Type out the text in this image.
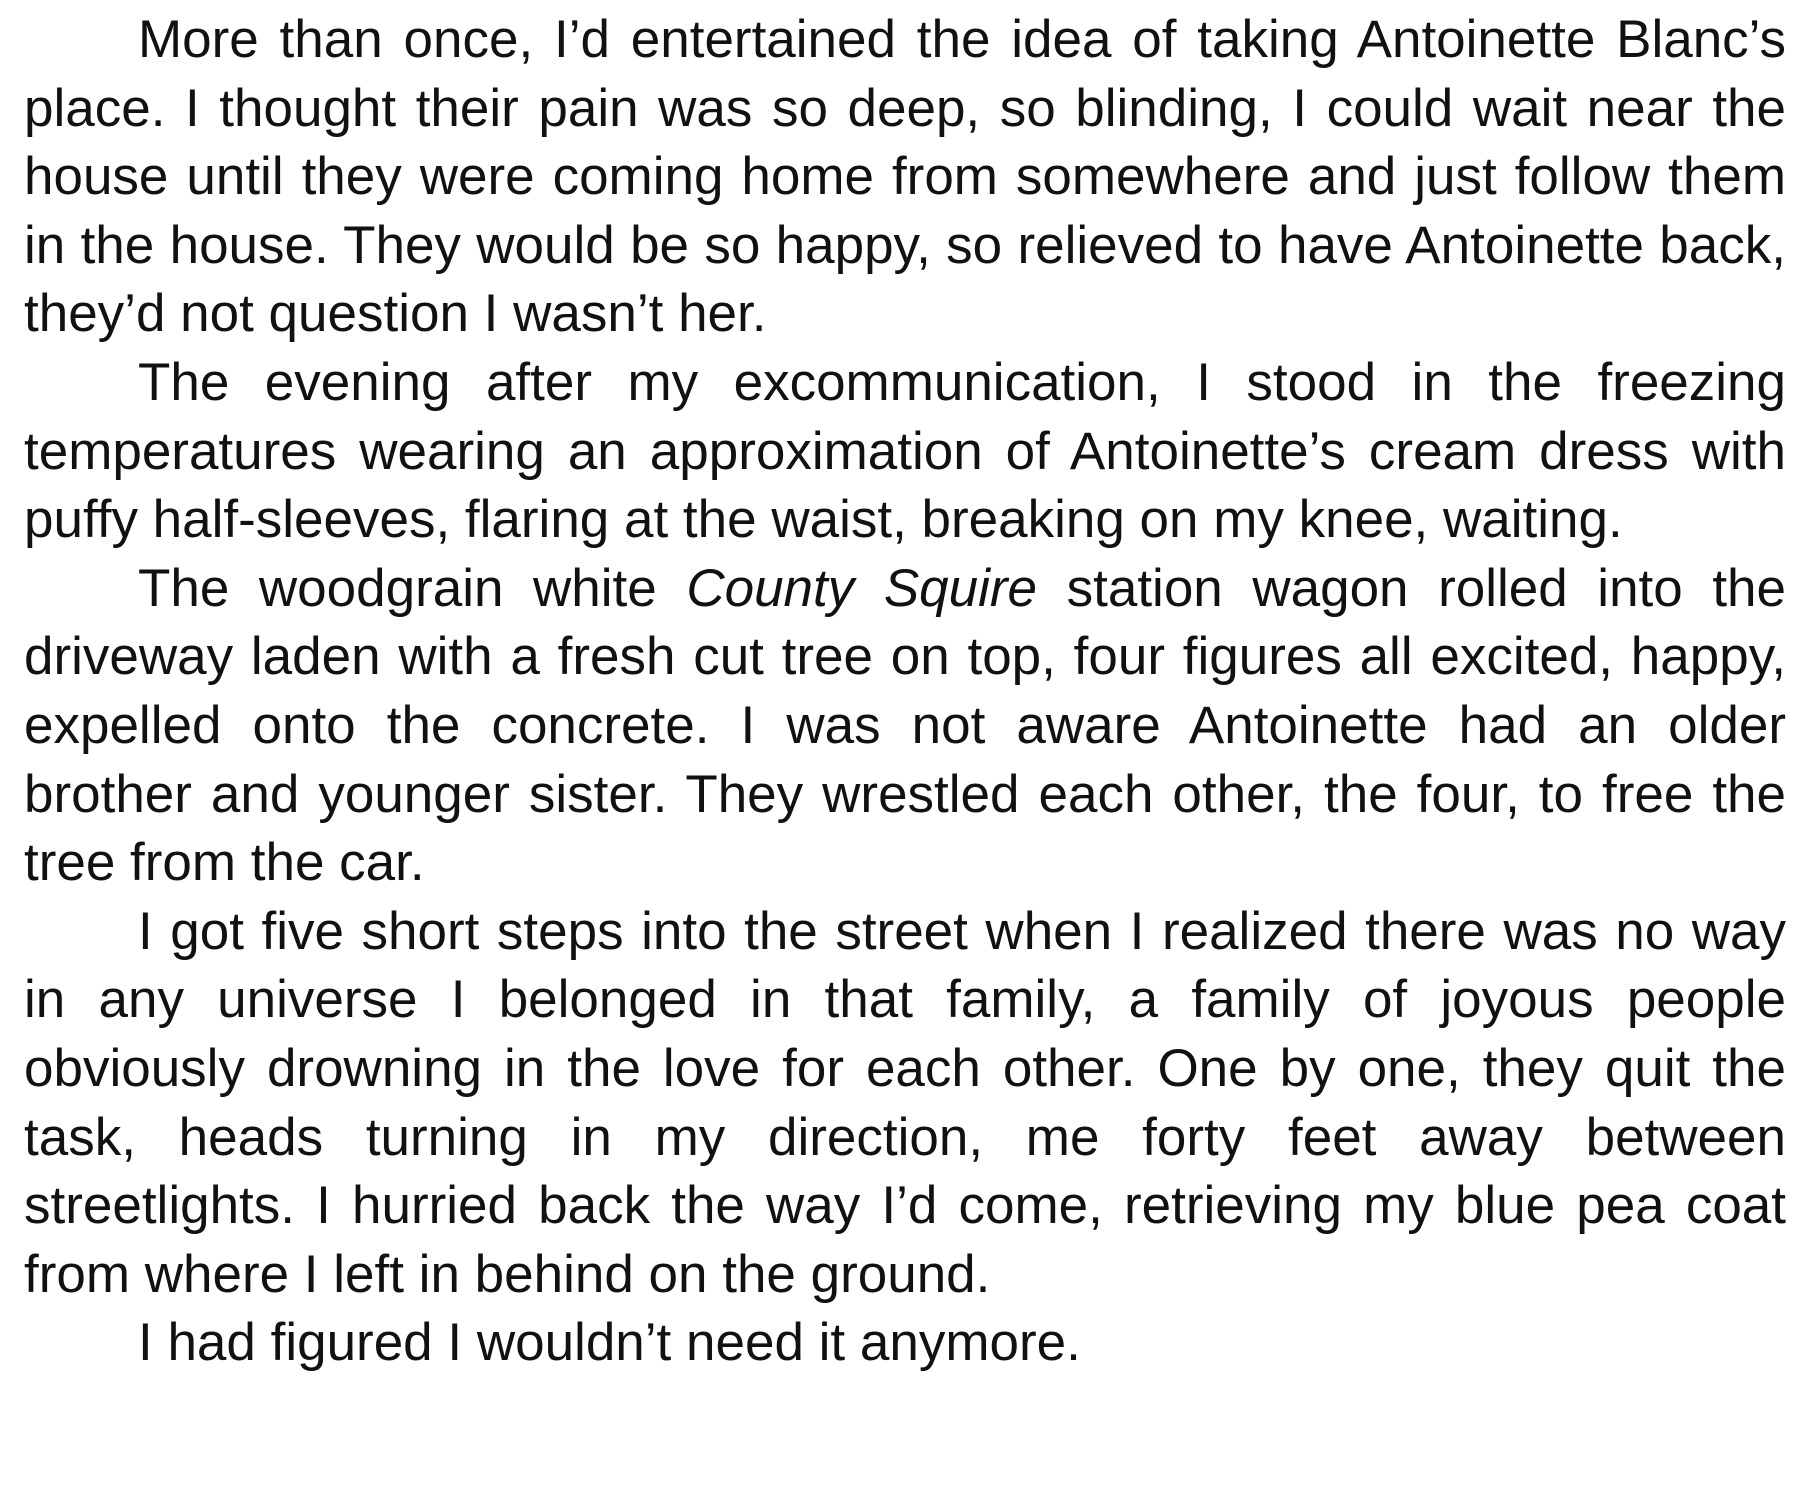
More than once, I’d entertained the idea of taking Antoinette Blanc’s place. I thought their pain was so deep, so blinding, I could wait near the house until they were coming home from somewhere and just follow them in the house. They would be so happy, so relieved to have Antoinette back, they’d not question I wasn’t her.

The evening after my excommunication, I stood in the freezing temperatures wearing an approximation of Antoinette’s cream dress with puffy half-sleeves, flaring at the waist, breaking on my knee, waiting.

The woodgrain white County Squire station wagon rolled into the driveway laden with a fresh cut tree on top, four figures all excited, happy, expelled onto the concrete. I was not aware Antoinette had an older brother and younger sister. They wrestled each other, the four, to free the tree from the car.

I got five short steps into the street when I realized there was no way in any universe I belonged in that family, a family of joyous people obviously drowning in the love for each other. One by one, they quit the task, heads turning in my direction, me forty feet away between streetlights. I hurried back the way I’d come, retrieving my blue pea coat from where I left in behind on the ground.

I had figured I wouldn’t need it anymore.
